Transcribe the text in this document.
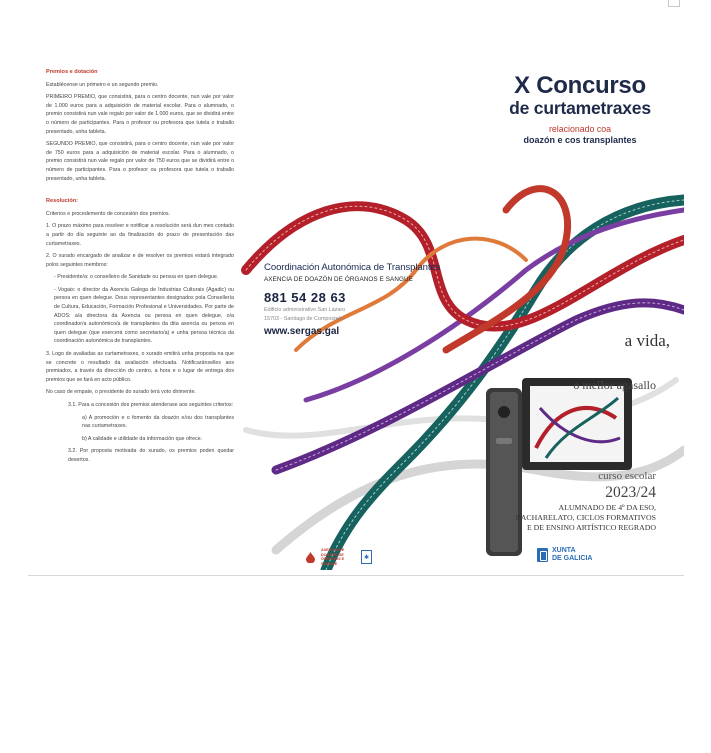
Premios e dotación

Establécense un primeiro e un segundo premio.

PRIMEIRO PREMIO, que consistirá, para o centro docente, nun vale por valor de 1.000 euros para a adquisición de material escolar. Para o alumnado, o premio consistirá nun vale regalo por valor de 1.000 euros, que se dividirá entre o número de participantes. Para o profesor ou profesora que tutela o traballo presentado, unha tableta.

SEGUNDO PREMIO, que consistirá, para o centro docente, nun vale por valor de 750 euros para a adquisición de material escolar. Para o alumnado, o premio consistirá nun vale regalo por valor de 750 euros que se dividirá entre o número de participantes. Para o profesor ou profesora que tutela o traballo presentado, unha tableta.

Resolución:

Criterios e procedemento de concesión dos premios.

1. O prazo máximo para resolver e notificar a resolución será dun mes contado a partir do día seguinte ao da finalización do prazo de presentación das curtametraxes.

2. O xurado encargado de analizar e de resolver os premios estará integrado polos seguintes membros:

- Presidente/a: o conselleiro de Sanidade ou persoa en quen delegue.

- Vogais: o director da Axencia Galega de Industrias Culturais (Agadic) ou persoa en quen delegue. Dous representantes designados pola Consellería de Cultura, Educación, Formación Profesional e Universidades. Por parte de ADOS: a/a directora da Axencia ou persoa en quen delegue, o/a coordinador/a autonómico/a de transplantes da dita axencia ou persoa en quen delegue (que exercerá como secretario/a) e unha persoa técnica da coordinación autonómica de transplantes.

3. Logo de avaliadas as curtametraxes, o xurado emitirá unha proposta na que se concrete o resultado da avaliación efectuada. Notificaránselles aos premiados, a través da dirección do centro, a hora e o lugar de entrega dos premios que se fará en acto público.

No caso de empate, o presidente do xurado terá voto dirimente.

3.1. Para a concesión dos premios atenderase aos seguintes criterios:

a) A promoción e o fomento da doazón e/ou dos transplantes nas curtametraxes.

b) A calidade e utilidade da información que ofrece.

3.2. Por proposta motivada do xurado, os premios poden quedar desertos.

Coordinación Autonómica de Transplantes
AXENCIA DE DOAZÓN DE ÓRGANOS E SANGUE
881 54 28 63
Edificio administrativo San Lázaro
15703 - Santiago de Compostela
www.sergas.gal
AXENCIA DE DOAZÓN DE ÓRGANOS E SANGUE
✱
X Concurso
de curtametraxes
relacionado coa
doazón e cos transplantes
a vida,
o mellor agasallo
curso escolar
2023/24
ALUMNADO DE 4º DA ESO,
BACHARELATO, CICLOS FORMATIVOS
E DE ENSINO ARTÍSTICO REGRADO
XUNTA
DE GALICIA
